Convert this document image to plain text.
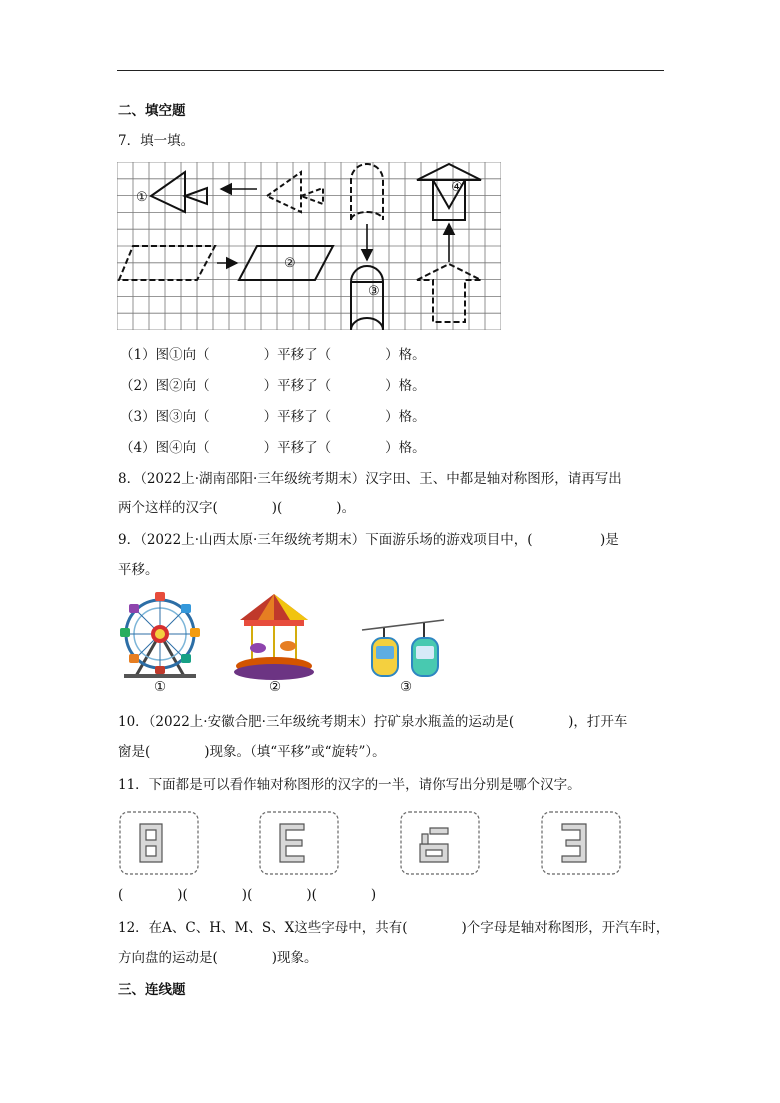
二、填空题
7．填一填。
①
②
③
④
（1）图①向（　　　　）平移了（　　　　）格。
（2）图②向（　　　　）平移了（　　　　）格。
（3）图③向（　　　　）平移了（　　　　）格。
（4）图④向（　　　　）平移了（　　　　）格。
8．（2022上·湖南邵阳·三年级统考期末）汉字田、王、中都是轴对称图形，请再写出
两个这样的汉字(　　　　)(　　　　)。
9．（2022上·山西太原·三年级统考期末）下面游乐场的游戏项目中，(　　　　　)是
平移。
①	②	③
10．（2022上·安徽合肥·三年级统考期末）拧矿泉水瓶盖的运动是(　　　　)，打开车
窗是(　　　　)现象。（填“平移”或“旋转”）。
11．下面都是可以看作轴对称图形的汉字的一半，请你写出分别是哪个汉字。
(　　　　)(　　　　)(　　　　)(　　　　)
12．在A、C、H、M、S、X这些字母中，共有(　　　　)个字母是轴对称图形，开汽车时，
方向盘的运动是(　　　　)现象。
三、连线题
